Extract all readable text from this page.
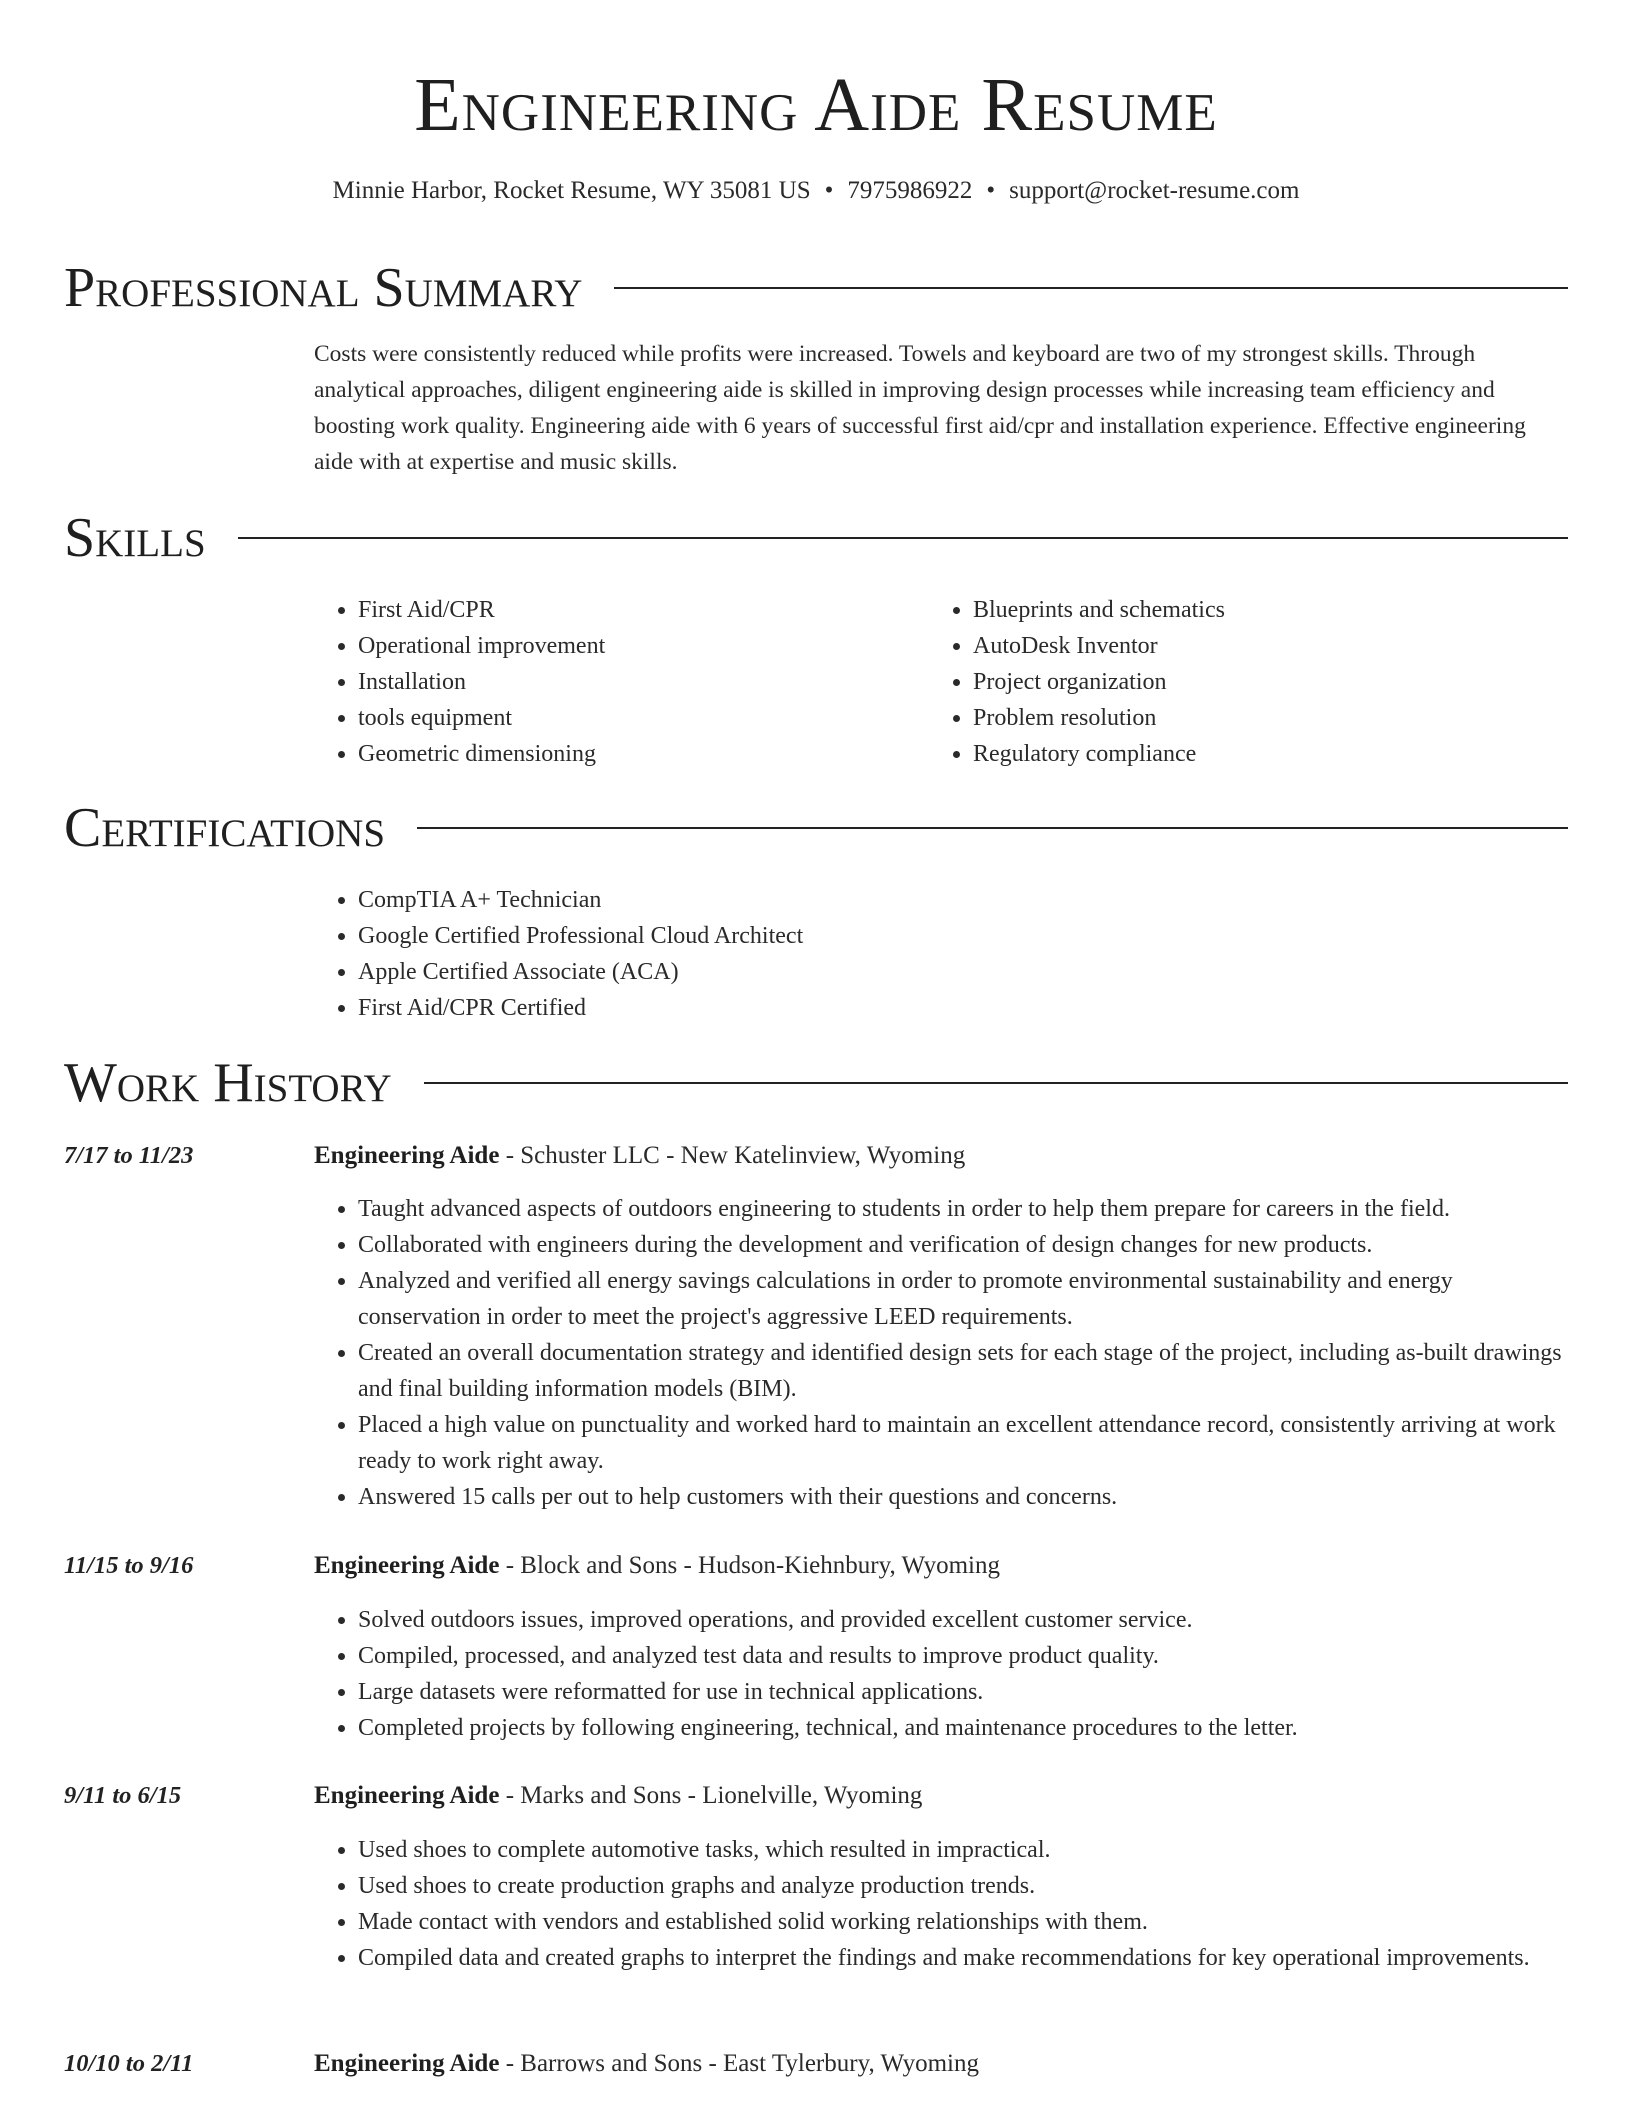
Engineering Aide Resume
Minnie Harbor, Rocket Resume, WY 35081 US • 7975986922 • support@rocket-resume.com
Professional Summary
Costs were consistently reduced while profits were increased. Towels and keyboard are two of my strongest skills. Through analytical approaches, diligent engineering aide is skilled in improving design processes while increasing team efficiency and boosting work quality. Engineering aide with 6 years of successful first aid/cpr and installation experience. Effective engineering aide with at expertise and music skills.
Skills
• First Aid/CPR
• Operational improvement
• Installation
• tools equipment
• Geometric dimensioning
• Blueprints and schematics
• AutoDesk Inventor
• Project organization
• Problem resolution
• Regulatory compliance
Certifications
• CompTIA A+ Technician
• Google Certified Professional Cloud Architect
• Apple Certified Associate (ACA)
• First Aid/CPR Certified
Work History
7/17 to 11/23	Engineering Aide - Schuster LLC - New Katelinview, Wyoming
• Taught advanced aspects of outdoors engineering to students in order to help them prepare for careers in the field.
• Collaborated with engineers during the development and verification of design changes for new products.
• Analyzed and verified all energy savings calculations in order to promote environmental sustainability and energy conservation in order to meet the project's aggressive LEED requirements.
• Created an overall documentation strategy and identified design sets for each stage of the project, including as-built drawings and final building information models (BIM).
• Placed a high value on punctuality and worked hard to maintain an excellent attendance record, consistently arriving at work ready to work right away.
• Answered 15 calls per out to help customers with their questions and concerns.
11/15 to 9/16	Engineering Aide - Block and Sons - Hudson-Kiehnbury, Wyoming
• Solved outdoors issues, improved operations, and provided excellent customer service.
• Compiled, processed, and analyzed test data and results to improve product quality.
• Large datasets were reformatted for use in technical applications.
• Completed projects by following engineering, technical, and maintenance procedures to the letter.
9/11 to 6/15	Engineering Aide - Marks and Sons - Lionelville, Wyoming
• Used shoes to complete automotive tasks, which resulted in impractical.
• Used shoes to create production graphs and analyze production trends.
• Made contact with vendors and established solid working relationships with them.
• Compiled data and created graphs to interpret the findings and make recommendations for key operational improvements.
10/10 to 2/11	Engineering Aide - Barrows and Sons - East Tylerbury, Wyoming
